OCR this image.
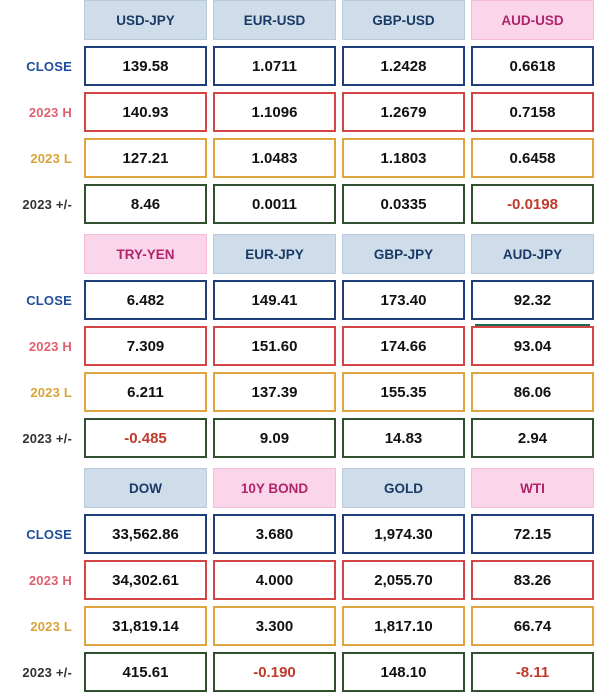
USD-JPY	EUR-USD	GBP-USD	AUD-USD
CLOSE	139.58	1.0711	1.2428	0.6618
2023 H	140.93	1.1096	1.2679	0.7158
2023 L	127.21	1.0483	1.1803	0.6458
2023 +/-	8.46	0.0011	0.0335	-0.0198
TRY-YEN	EUR-JPY	GBP-JPY	AUD-JPY
CLOSE	6.482	149.41	173.40	92.32
2023 H	7.309	151.60	174.66	93.04
2023 L	6.211	137.39	155.35	86.06
2023 +/-	-0.485	9.09	14.83	2.94
DOW	10Y BOND	GOLD	WTI
CLOSE	33,562.86	3.680	1,974.30	72.15
2023 H	34,302.61	4.000	2,055.70	83.26
2023 L	31,819.14	3.300	1,817.10	66.74
2023 +/-	415.61	-0.190	148.10	-8.11
